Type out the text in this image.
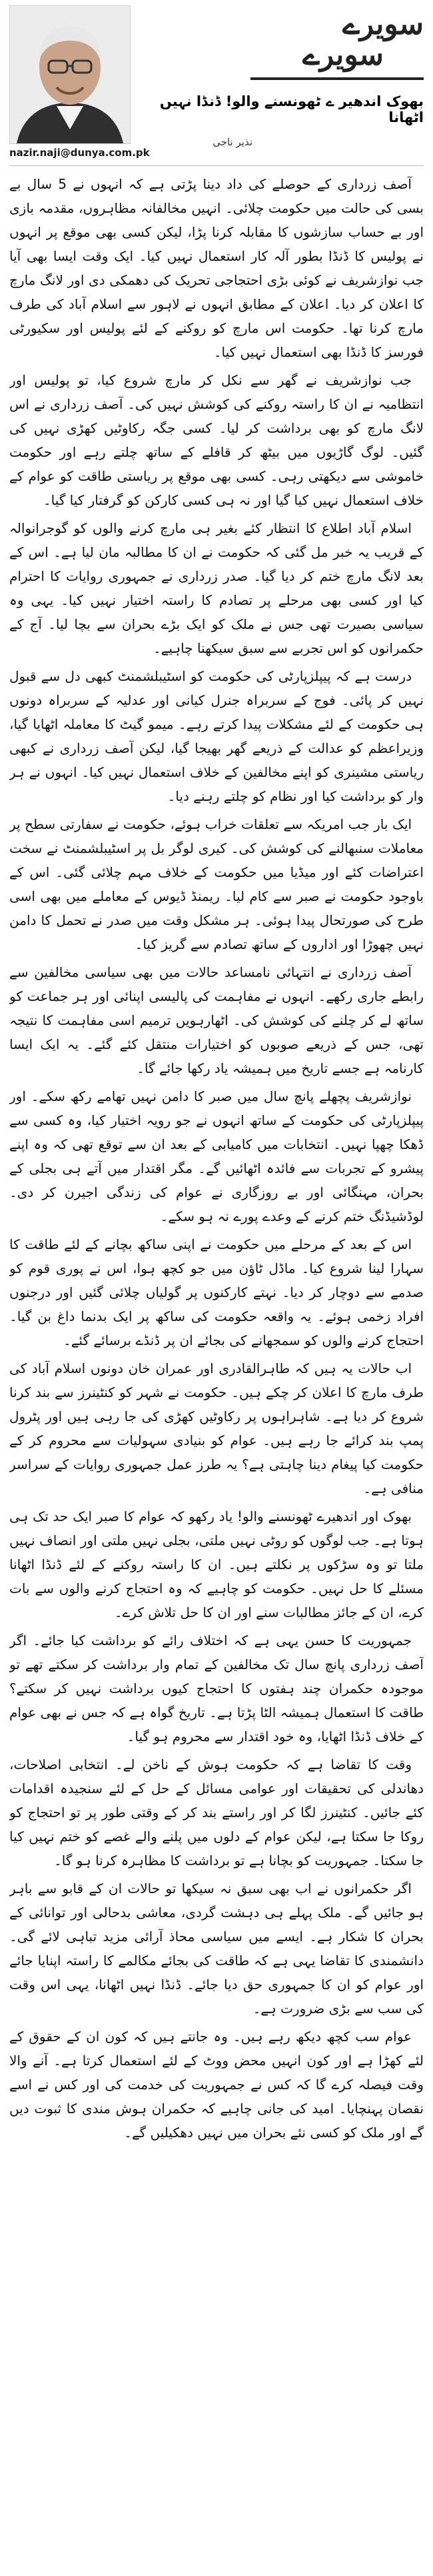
nazir.naji@dunya.com.pk
سویرے
سویرے
بھوک اندھیر ے ٹھونسنے والو! ڈنڈا نہیں اٹھانا
نذیر ناجی

آصف زرداری کے حوصلے کی داد دینا پڑتی ہے کہ انہوں نے 5 سال بے بسی کی حالت میں حکومت چلائی۔ انہیں مخالفانہ مظاہروں، مقدمہ بازی اور بے حساب سازشوں کا مقابلہ کرنا پڑا، لیکن کسی بھی موقع پر انہوں نے پولیس کا ڈنڈا بطور آلہ کار استعمال نہیں کیا۔ ایک وقت ایسا بھی آیا جب نوازشریف نے کوئی بڑی احتجاجی تحریک کی دھمکی دی اور لانگ مارچ کا اعلان کر دیا۔ اعلان کے مطابق انہوں نے لاہور سے اسلام آباد کی طرف مارچ کرنا تھا۔ حکومت اس مارچ کو روکنے کے لئے پولیس اور سکیورٹی فورسز کا ڈنڈا بھی استعمال نہیں کیا۔

جب نوازشریف نے گھر سے نکل کر مارچ شروع کیا، تو پولیس اور انتظامیہ نے ان کا راستہ روکنے کی کوشش نہیں کی۔ آصف زرداری نے اس لانگ مارچ کو بھی برداشت کر لیا۔ کسی جگہ رکاوٹیں کھڑی نہیں کی گئیں۔ لوگ گاڑیوں میں بیٹھ کر قافلے کے ساتھ چلتے رہے اور حکومت خاموشی سے دیکھتی رہی۔ کسی بھی موقع پر ریاستی طاقت کو عوام کے خلاف استعمال نہیں کیا گیا اور نہ ہی کسی کارکن کو گرفتار کیا گیا۔

اسلام آباد اطلاع کا انتظار کئے بغیر ہی مارچ کرنے والوں کو گوجرانوالہ کے قریب یہ خبر مل گئی کہ حکومت نے ان کا مطالبہ مان لیا ہے۔ اس کے بعد لانگ مارچ ختم کر دیا گیا۔ صدر زرداری نے جمہوری روایات کا احترام کیا اور کسی بھی مرحلے پر تصادم کا راستہ اختیار نہیں کیا۔ یہی وہ سیاسی بصیرت تھی جس نے ملک کو ایک بڑے بحران سے بچا لیا۔ آج کے حکمرانوں کو اس تجربے سے سبق سیکھنا چاہیے۔

درست ہے کہ پیپلزپارٹی کی حکومت کو اسٹیبلشمنٹ کبھی دل سے قبول نہیں کر پائی۔ فوج کے سربراہ جنرل کیانی اور عدلیہ کے سربراہ دونوں ہی حکومت کے لئے مشکلات پیدا کرتے رہے۔ میمو گیٹ کا معاملہ اٹھایا گیا، وزیراعظم کو عدالت کے ذریعے گھر بھیجا گیا، لیکن آصف زرداری نے کبھی ریاستی مشینری کو اپنے مخالفین کے خلاف استعمال نہیں کیا۔ انہوں نے ہر وار کو برداشت کیا اور نظام کو چلتے رہنے دیا۔

ایک بار جب امریکہ سے تعلقات خراب ہوئے، حکومت نے سفارتی سطح پر معاملات سنبھالنے کی کوشش کی۔ کیری لوگر بل پر اسٹیبلشمنٹ نے سخت اعتراضات کئے اور میڈیا میں حکومت کے خلاف مہم چلائی گئی۔ اس کے باوجود حکومت نے صبر سے کام لیا۔ ریمنڈ ڈیوس کے معاملے میں بھی اسی طرح کی صورتحال پیدا ہوئی۔ ہر مشکل وقت میں صدر نے تحمل کا دامن نہیں چھوڑا اور اداروں کے ساتھ تصادم سے گریز کیا۔

آصف زرداری نے انتہائی نامساعد حالات میں بھی سیاسی مخالفین سے رابطے جاری رکھے۔ انہوں نے مفاہمت کی پالیسی اپنائی اور ہر جماعت کو ساتھ لے کر چلنے کی کوشش کی۔ اٹھارہویں ترمیم اسی مفاہمت کا نتیجہ تھی، جس کے ذریعے صوبوں کو اختیارات منتقل کئے گئے۔ یہ ایک ایسا کارنامہ ہے جسے تاریخ میں ہمیشہ یاد رکھا جائے گا۔

نوازشریف پچھلے پانچ سال میں صبر کا دامن نہیں تھامے رکھ سکے۔ اور پیپلزپارٹی کی حکومت کے ساتھ انہوں نے جو رویہ اختیار کیا، وہ کسی سے ڈھکا چھپا نہیں۔ انتخابات میں کامیابی کے بعد ان سے توقع تھی کہ وہ اپنے پیشرو کے تجربات سے فائدہ اٹھائیں گے۔ مگر اقتدار میں آتے ہی بجلی کے بحران، مہنگائی اور بے روزگاری نے عوام کی زندگی اجیرن کر دی۔ لوڈشیڈنگ ختم کرنے کے وعدے پورے نہ ہو سکے۔

اس کے بعد کے مرحلے میں حکومت نے اپنی ساکھ بچانے کے لئے طاقت کا سہارا لینا شروع کیا۔ ماڈل ٹاؤن میں جو کچھ ہوا، اس نے پوری قوم کو صدمے سے دوچار کر دیا۔ نہتے کارکنوں پر گولیاں چلائی گئیں اور درجنوں افراد زخمی ہوئے۔ یہ واقعہ حکومت کی ساکھ پر ایک بدنما داغ بن گیا۔ احتجاج کرنے والوں کو سمجھانے کی بجائے ان پر ڈنڈے برسائے گئے۔

اب حالات یہ ہیں کہ طاہرالقادری اور عمران خان دونوں اسلام آباد کی طرف مارچ کا اعلان کر چکے ہیں۔ حکومت نے شہر کو کنٹینرز سے بند کرنا شروع کر دیا ہے۔ شاہراہوں پر رکاوٹیں کھڑی کی جا رہی ہیں اور پٹرول پمپ بند کرائے جا رہے ہیں۔ عوام کو بنیادی سہولیات سے محروم کر کے حکومت کیا پیغام دینا چاہتی ہے؟ یہ طرز عمل جمہوری روایات کے سراسر منافی ہے۔

بھوک اور اندھیرے ٹھونسنے والو! یاد رکھو کہ عوام کا صبر ایک حد تک ہی ہوتا ہے۔ جب لوگوں کو روٹی نہیں ملتی، بجلی نہیں ملتی اور انصاف نہیں ملتا تو وہ سڑکوں پر نکلتے ہیں۔ ان کا راستہ روکنے کے لئے ڈنڈا اٹھانا مسئلے کا حل نہیں۔ حکومت کو چاہیے کہ وہ احتجاج کرنے والوں سے بات کرے، ان کے جائز مطالبات سنے اور ان کا حل تلاش کرے۔

جمہوریت کا حسن یہی ہے کہ اختلاف رائے کو برداشت کیا جائے۔ اگر آصف زرداری پانچ سال تک مخالفین کے تمام وار برداشت کر سکتے تھے تو موجودہ حکمران چند ہفتوں کا احتجاج کیوں برداشت نہیں کر سکتے؟ طاقت کا استعمال ہمیشہ الٹا پڑتا ہے۔ تاریخ گواہ ہے کہ جس نے بھی عوام کے خلاف ڈنڈا اٹھایا، وہ خود اقتدار سے محروم ہو گیا۔

وقت کا تقاضا ہے کہ حکومت ہوش کے ناخن لے۔ انتخابی اصلاحات، دھاندلی کی تحقیقات اور عوامی مسائل کے حل کے لئے سنجیدہ اقدامات کئے جائیں۔ کنٹینرز لگا کر اور راستے بند کر کے وقتی طور پر تو احتجاج کو روکا جا سکتا ہے، لیکن عوام کے دلوں میں پلنے والے غصے کو ختم نہیں کیا جا سکتا۔ جمہوریت کو بچانا ہے تو برداشت کا مظاہرہ کرنا ہو گا۔

اگر حکمرانوں نے اب بھی سبق نہ سیکھا تو حالات ان کے قابو سے باہر ہو جائیں گے۔ ملک پہلے ہی دہشت گردی، معاشی بدحالی اور توانائی کے بحران کا شکار ہے۔ ایسے میں سیاسی محاذ آرائی مزید تباہی لائے گی۔ دانشمندی کا تقاضا یہی ہے کہ طاقت کی بجائے مکالمے کا راستہ اپنایا جائے اور عوام کو ان کا جمہوری حق دیا جائے۔ ڈنڈا نہیں اٹھانا، یہی اس وقت کی سب سے بڑی ضرورت ہے۔

عوام سب کچھ دیکھ رہے ہیں۔ وہ جانتے ہیں کہ کون ان کے حقوق کے لئے کھڑا ہے اور کون انہیں محض ووٹ کے لئے استعمال کرتا ہے۔ آنے والا وقت فیصلہ کرے گا کہ کس نے جمہوریت کی خدمت کی اور کس نے اسے نقصان پہنچایا۔ امید کی جانی چاہیے کہ حکمران ہوش مندی کا ثبوت دیں گے اور ملک کو کسی نئے بحران میں نہیں دھکیلیں گے۔
